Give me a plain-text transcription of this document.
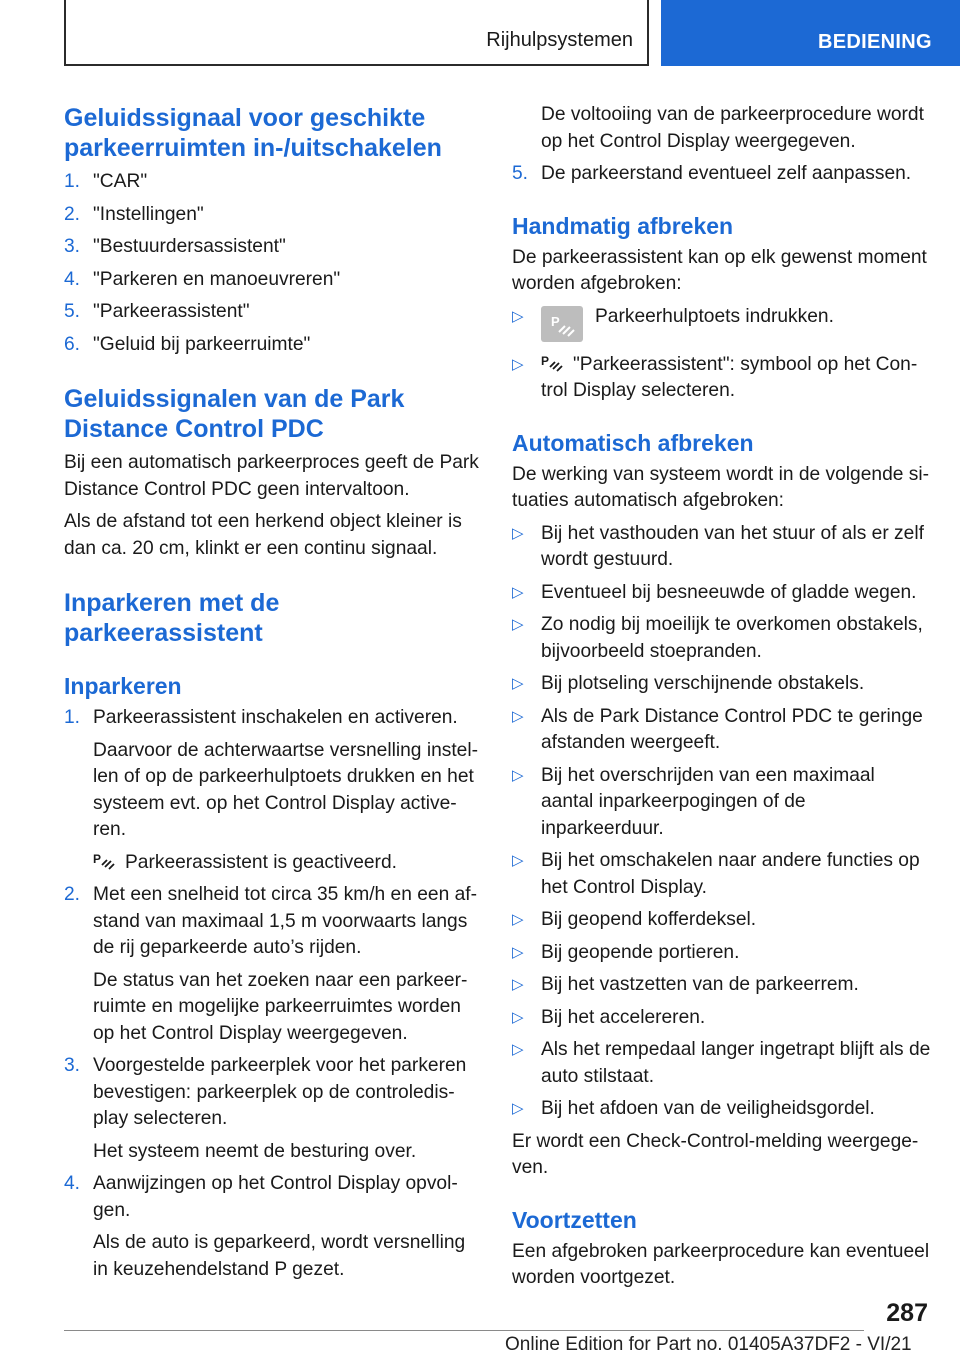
Rijhulpsystemen	BEDIENING
Geluidssignaal voor geschikte parkeerruimten in-/uitschakelen
1. "CAR"
2. "Instellingen"
3. "Bestuurdersassistent"
4. "Parkeren en manoeuvreren"
5. "Parkeerassistent"
6. "Geluid bij parkeerruimte"
Geluidssignalen van de Park Distance Control PDC

Bij een automatisch parkeerproces geeft de Park Distance Control PDC geen intervaltoon.

Als de afstand tot een herkend object kleiner is dan ca. 20 cm, klinkt er een continu signaal.

Inparkeren met de parkeerassistent
Inparkeren
1. Parkeerassistent inschakelen en activeren.
Daarvoor de achterwaartse versnelling instel-len of op de parkeerhulptoets drukken en het systeem evt. op het Control Display active-ren.
P Parkeerassistent is geactiveerd.
2. Met een snelheid tot circa 35 km/h en een af-stand van maximaal 1,5 m voorwaarts langs de rij geparkeerde auto’s rijden.
De status van het zoeken naar een parkeer-ruimte en mogelijke parkeerruimtes worden op het Control Display weergegeven.
3. Voorgestelde parkeerplek voor het parkeren bevestigen: parkeerplek op de controledis-play selecteren.
Het systeem neemt de besturing over.
4. Aanwijzingen op het Control Display opvol-gen.
Als de auto is geparkeerd, wordt versnelling in keuzehendelstand P gezet.
De voltooiing van de parkeerprocedure wordt op het Control Display weergegeven.
5. De parkeerstand eventueel zelf aanpassen.
Handmatig afbreken

De parkeerassistent kan op elk gewenst moment worden afgebroken:

▷ P Parkeerhulptoets indrukken.
▷ P "Parkeerassistent": symbool op het Con-trol Display selecteren.
Automatisch afbreken

De werking van systeem wordt in de volgende si-tuaties automatisch afgebroken:

▷ Bij het vasthouden van het stuur of als er zelf wordt gestuurd.
▷ Eventueel bij besneeuwde of gladde wegen.
▷ Zo nodig bij moeilijk te overkomen obstakels, bijvoorbeeld stoepranden.
▷ Bij plotseling verschijnende obstakels.
▷ Als de Park Distance Control PDC te geringe afstanden weergeeft.
▷ Bij het overschrijden van een maximaal aantal inparkeerpogingen of de inparkeerduur.
▷ Bij het omschakelen naar andere functies op het Control Display.
▷ Bij geopend kofferdeksel.
▷ Bij geopende portieren.
▷ Bij het vastzetten van de parkeerrem.
▷ Bij het accelereren.
▷ Als het rempedaal langer ingetrapt blijft als de auto stilstaat.
▷ Bij het afdoen van de veiligheidsgordel.

Er wordt een Check-Control-melding weergege-ven.

Voortzetten

Een afgebroken parkeerprocedure kan eventueel worden voortgezet.

287
Online Edition for Part no. 01405A37DF2 - VI/21
